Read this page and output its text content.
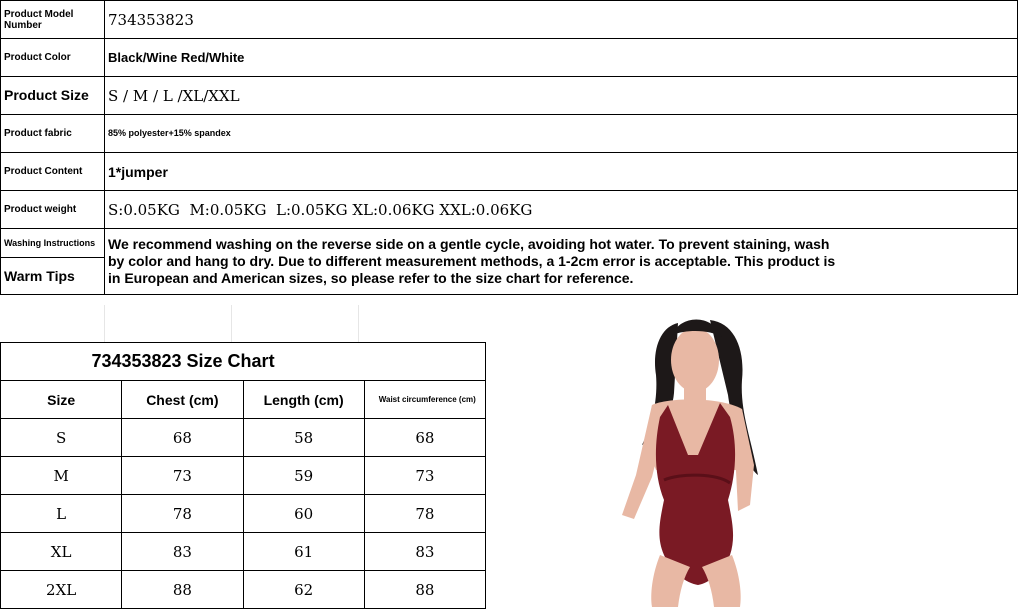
Product Model Number	734353823
Product Color	Black/Wine Red/White
Product Size	S / M / L /XL/XXL
Product fabric	85% polyester+15% spandex

Product Content	1*jumper
Product weight	S:0.05KG  M:0.05KG  L:0.05KG XL:0.06KG XXL:0.06KG
Washing Instructions	We recommend washing on the reverse side on a gentle cycle, avoiding hot water. To prevent staining, wash by color and hang to dry. Due to different measurement methods, a 1-2cm error is acceptable. This product is in European and American sizes, so please refer to the size chart for reference.
Warm Tips	
734353823 Size Chart			
Size	Chest (cm)	Length (cm)	Waist circumference (cm)
S	68	58	68
M	73	59	73
L	78	60	78
XL	83	61	83
2XL	88	62	88
